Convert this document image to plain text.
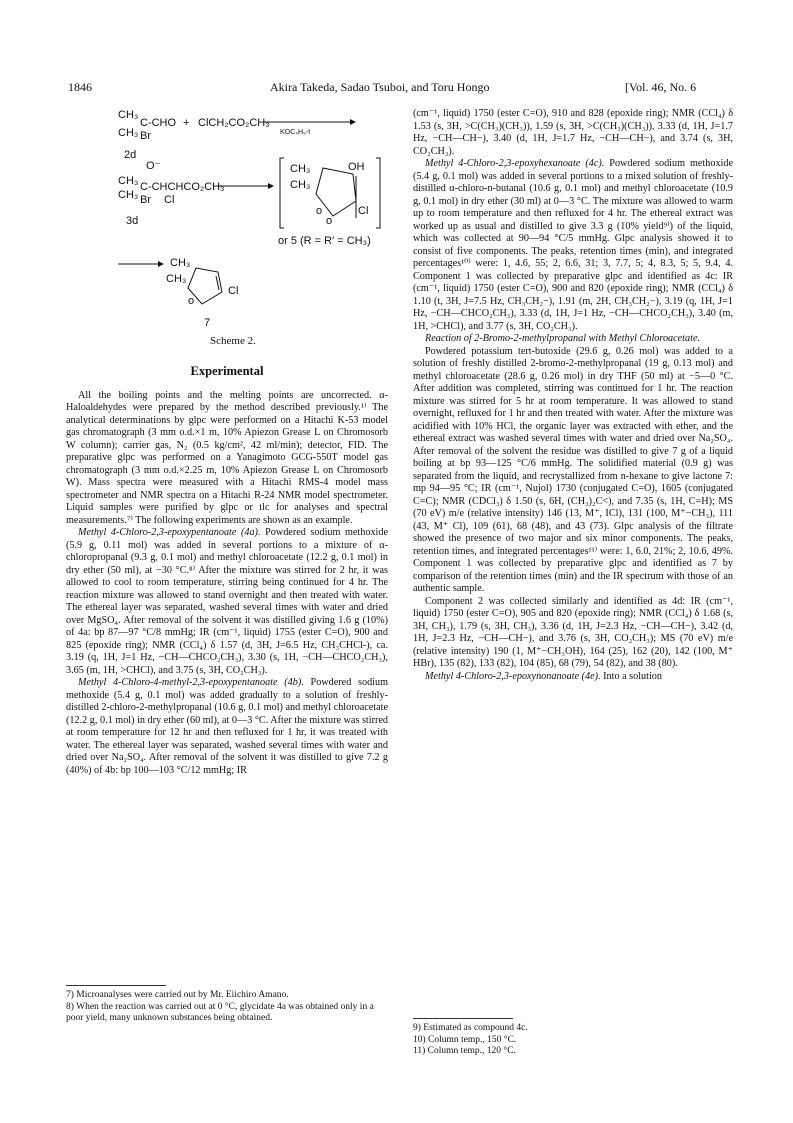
1846	Akira Takeda, Sadao Tsuboi, and Toru Hongo	[Vol. 46, No. 6
CH₃
CH₃
C-CHO
Br
+ ClCH₂CO₂CH₃
KOC₄H₉-t
2d
O⁻
CH₃
CH₃
C-CHCHCO₂CH₃
Br Cl
3d
CH₃
CH₃
OH
Cl
o
o
or 5 (R = R′ = CH₃)
CH₃
CH₃
Cl
o
7
Scheme 2.
Experimental

All the boiling points and the melting points are uncorrected. α-Haloaldehydes were prepared by the method described previously.¹⁾ The analytical determinations by glpc were performed on a Hitachi K-53 model gas chromatograph (3 mm o.d.×1 m, 10% Apiezon Grease L on Chromosorb W column); carrier gas, N₂ (0.5 kg/cm², 42 ml/min); detector, FID. The preparative glpc was performed on a Yanagimoto GCG-550T model gas chromatograph (3 mm o.d.×2.25 m, 10% Apiezon Grease L on Chromosorb W). Mass spectra were measured with a Hitachi RMS-4 model mass spectrometer and NMR spectra on a Hitachi R-24 NMR model spectrometer. Liquid samples were purified by glpc or tlc for analyses and spectral measurements.⁷⁾ The following experiments are shown as an example.

Methyl 4-Chloro-2,3-epoxypentanoate (4a). Powdered sodium methoxide (5.9 g, 0.11 mol) was added in several portions to a mixture of α-chloropropanal (9.3 g, 0.1 mol) and methyl chloroacetate (12.2 g, 0.1 mol) in dry ether (50 ml), at −30 °C.⁸⁾ After the mixture was stirred for 2 hr, it was allowed to cool to room temperature, stirring being continued for 4 hr. The reaction mixture was allowed to stand overnight and then treated with water. The ethereal layer was separated, washed several times with water and dried over MgSO₄. After removal of the solvent it was distilled giving 1.6 g (10%) of 4a: bp 87—97 °C/8 mmHg; IR (cm⁻¹, liquid) 1755 (ester C=O), 900 and 825 (epoxide ring); NMR (CCl₄) δ 1.57 (d, 3H, J=6.5 Hz, CH₃CHCl-), ca. 3.19 (q, 1H, J=1 Hz, −CH—CHCO₂CH₃), 3.30 (s, 1H, −CH—CHCO₂CH₃), 3.65 (m, 1H, >CHCl), and 3.75 (s, 3H, CO₂CH₃).

Methyl 4-Chloro-4-methyl-2,3-epoxypentanoate (4b). Powdered sodium methoxide (5.4 g, 0.1 mol) was added gradually to a solution of freshly-distilled 2-chloro-2-methylpropanal (10.6 g, 0.1 mol) and methyl chloroacetate (12.2 g, 0.1 mol) in dry ether (60 ml), at 0—3 °C. After the mixture was stirred at room temperature for 12 hr and then refluxed for 1 hr, it was treated with water. The ethereal layer was separated, washed several times with water and dried over Na₂SO₄. After removal of the solvent it was distilled to give 7.2 g (40%) of 4b: bp 100—103 °C/12 mmHg; IR

7) Microanalyses were carried out by Mr. Eiichiro Amano.
8) When the reaction was carried out at 0 °C, glycidate 4a was obtained only in a poor yield, many unknown substances being obtained.

(cm⁻¹, liquid) 1750 (ester C=O), 910 and 828 (epoxide ring); NMR (CCl₄) δ 1.53 (s, 3H, >C(CH₃)(CH₃)), 1.59 (s, 3H, >C(CH₃)(CH₃)), 3.33 (d, 1H, J=1.7 Hz, −CH—CH−), 3.40 (d, 1H, J=1.7 Hz, −CH—CH−), and 3.74 (s, 3H, CO₂CH₃).

Methyl 4-Chloro-2,3-epoxyhexanoate (4c). Powdered sodium methoxide (5.4 g, 0.1 mol) was added in several portions to a mixed solution of freshly-distilled α-chloro-n-butanal (10.6 g, 0.1 mol) and methyl chloroacetate (10.9 g, 0.1 mol) in dry ether (30 ml) at 0—3 °C. The mixture was allowed to warm up to room temperature and then refluxed for 4 hr. The ethereal extract was worked up as usual and distilled to give 3.3 g (10% yield⁹⁾) of the liquid, which was collected at 90—94 °C/5 mmHg. Glpc analysis showed it to consist of five components. The peaks, retention times (min), and integrated percentages¹⁰⁾ were: 1, 4.6, 55; 2, 6.6, 31; 3, 7.7, 5; 4, 8.3, 5; 5, 9.4, 4. Component 1 was collected by preparative glpc and identified as 4c: IR (cm⁻¹, liquid) 1750 (ester C=O), 900 and 820 (epoxide ring); NMR (CCl₄) δ 1.10 (t, 3H, J=7.5 Hz, CH₃CH₂−), 1.91 (m, 2H, CH₃CH₂−), 3.19 (q, 1H, J=1 Hz, −CH—CHCO₂CH₃), 3.33 (d, 1H, J=1 Hz, −CH—CHCO₂CH₃), 3.40 (m, 1H, >CHCl), and 3.77 (s, 3H, CO₂CH₃).

Reaction of 2-Bromo-2-methylpropanal with Methyl Chloroacetate.

Powdered potassium tert-butoxide (29.6 g, 0.26 mol) was added to a solution of freshly distilled 2-bromo-2-methylpropanal (19 g, 0.13 mol) and methyl chloroacetate (28.6 g, 0.26 mol) in dry THF (50 ml) at −5—0 °C. After addition was completed, stirring was continued for 1 hr. The reaction mixture was stirred for 5 hr at room temperature. It was allowed to stand overnight, refluxed for 1 hr and then treated with water. After the mixture was acidified with 10% HCl, the organic layer was extracted with ether, and the ethereal extract was washed several times with water and dried over Na₂SO₄. After removal of the solvent the residue was distilled to give 7 g of a liquid boiling at bp 93—125 °C/6 mmHg. The solidified material (0.9 g) was separated from the liquid, and recrystallized from n-hexane to give lactone 7: mp 94—95 °C; IR (cm⁻¹, Nujol) 1730 (conjugated C=O), 1605 (conjugated C=C); NMR (CDCl₃) δ 1.50 (s, 6H, (CH₃)₂C<), and 7.35 (s, 1H, C=H); MS (70 eV) m/e (relative intensity) 146 (13, M⁺, ICl), 131 (100, M⁺−CH₃), 111 (43, M⁺ Cl), 109 (61), 68 (48), and 43 (73). Glpc analysis of the filtrate showed the presence of two major and six minor components. The peaks, retention times, and integrated percentages¹¹⁾ were: 1, 6.0, 21%; 2, 10.6, 49%. Component 1 was collected by preparative glpc and identified as 7 by comparison of the retention times (min) and the IR spectrum with those of an authentic sample.

Component 2 was collected similarly and identified as 4d: IR (cm⁻¹, liquid) 1750 (ester C=O), 905 and 820 (epoxide ring); NMR (CCl₄) δ 1.68 (s, 3H, CH₃), 1.79 (s, 3H, CH₃), 3.36 (d, 1H, J=2.3 Hz, −CH—CH−), 3.42 (d, 1H, J=2.3 Hz, −CH—CH−), and 3.76 (s, 3H, CO₂CH₃); MS (70 eV) m/e (relative intensity) 190 (1, M⁺−CH₃OH), 164 (25), 162 (20), 142 (100, M⁺ HBr), 135 (82), 133 (82), 104 (85), 68 (79), 54 (82), and 38 (80).

Methyl 4-Chloro-2,3-epoxynonanoate (4e). Into a solution

9) Estimated as compound 4c.
10) Column temp., 150 °C.
11) Column temp., 120 °C.
